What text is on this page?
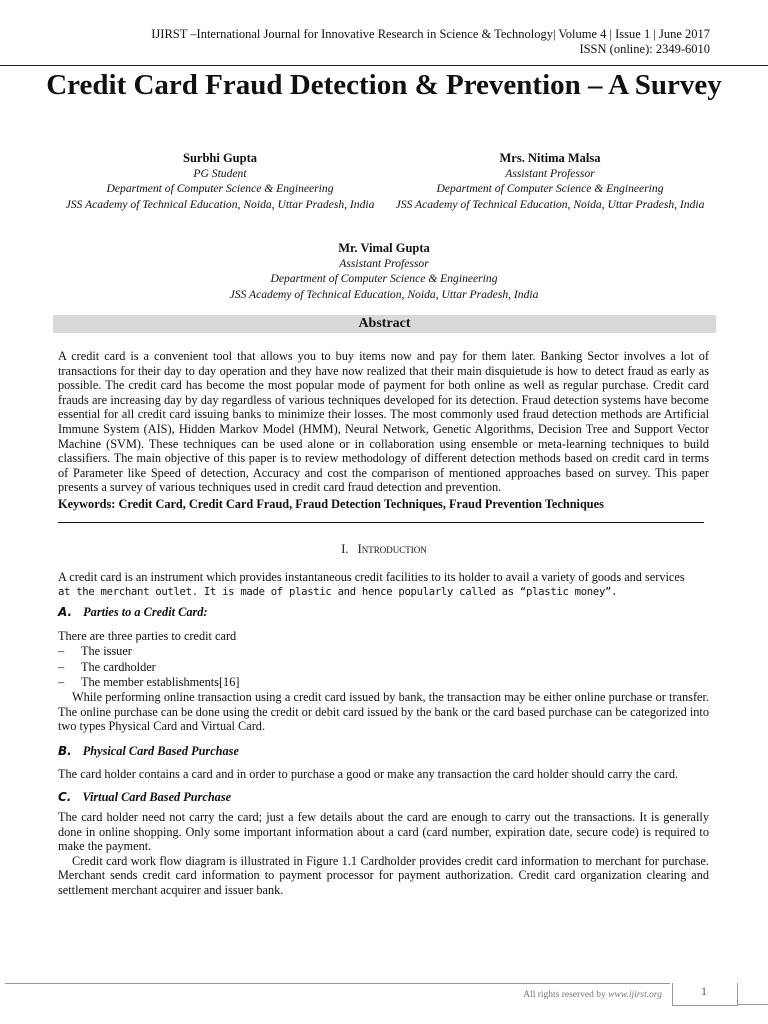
IJIRST –International Journal for Innovative Research in Science & Technology| Volume 4 | Issue 1 | June 2017
ISSN (online): 2349-6010
Credit Card Fraud Detection & Prevention – A Survey
Surbhi Gupta
PG Student
Department of Computer Science & Engineering
JSS Academy of Technical Education, Noida, Uttar Pradesh, India
Mrs. Nitima Malsa
Assistant Professor
Department of Computer Science & Engineering
JSS Academy of Technical Education, Noida, Uttar Pradesh, India
Mr. Vimal Gupta
Assistant Professor
Department of Computer Science & Engineering
JSS Academy of Technical Education, Noida, Uttar Pradesh, India
Abstract
A credit card is a convenient tool that allows you to buy items now and pay for them later. Banking Sector involves a lot of transactions for their day to day operation and they have now realized that their main disquietude is how to detect fraud as early as possible. The credit card has become the most popular mode of payment for both online as well as regular purchase. Credit card frauds are increasing day by day regardless of various techniques developed for its detection. Fraud detection systems have become essential for all credit card issuing banks to minimize their losses. The most commonly used fraud detection methods are Artificial Immune System (AIS), Hidden Markov Model (HMM), Neural Network, Genetic Algorithms, Decision Tree and Support Vector Machine (SVM). These techniques can be used alone or in collaboration using ensemble or meta-learning techniques to build classifiers. The main objective of this paper is to review methodology of different detection methods based on credit card in terms of Parameter like Speed of detection, Accuracy and cost the comparison of mentioned approaches based on survey. This paper presents a survey of various techniques used in credit card fraud detection and prevention.
Keywords: Credit Card, Credit Card Fraud, Fraud Detection Techniques, Fraud Prevention Techniques
I. Introduction
A credit card is an instrument which provides instantaneous credit facilities to its holder to avail a variety of goods and services
at the merchant outlet. It is made of plastic and hence popularly called as “plastic money”.
A. Parties to a Credit Card:
There are three parties to credit card
– The issuer
– The cardholder
– The member establishments[16]
While performing online transaction using a credit card issued by bank, the transaction may be either online purchase or transfer. The online purchase can be done using the credit or debit card issued by the bank or the card based purchase can be categorized into two types Physical Card and Virtual Card.
B. Physical Card Based Purchase
The card holder contains a card and in order to purchase a good or make any transaction the card holder should carry the card.
C. Virtual Card Based Purchase
The card holder need not carry the card; just a few details about the card are enough to carry out the transactions. It is generally done in online shopping. Only some important information about a card (card number, expiration date, secure code) is required to make the payment.
Credit card work flow diagram is illustrated in Figure 1.1 Cardholder provides credit card information to merchant for purchase. Merchant sends credit card information to payment processor for payment authorization. Credit card organization clearing and settlement merchant acquirer and issuer bank.
All rights reserved by www.ijirst.org	1
